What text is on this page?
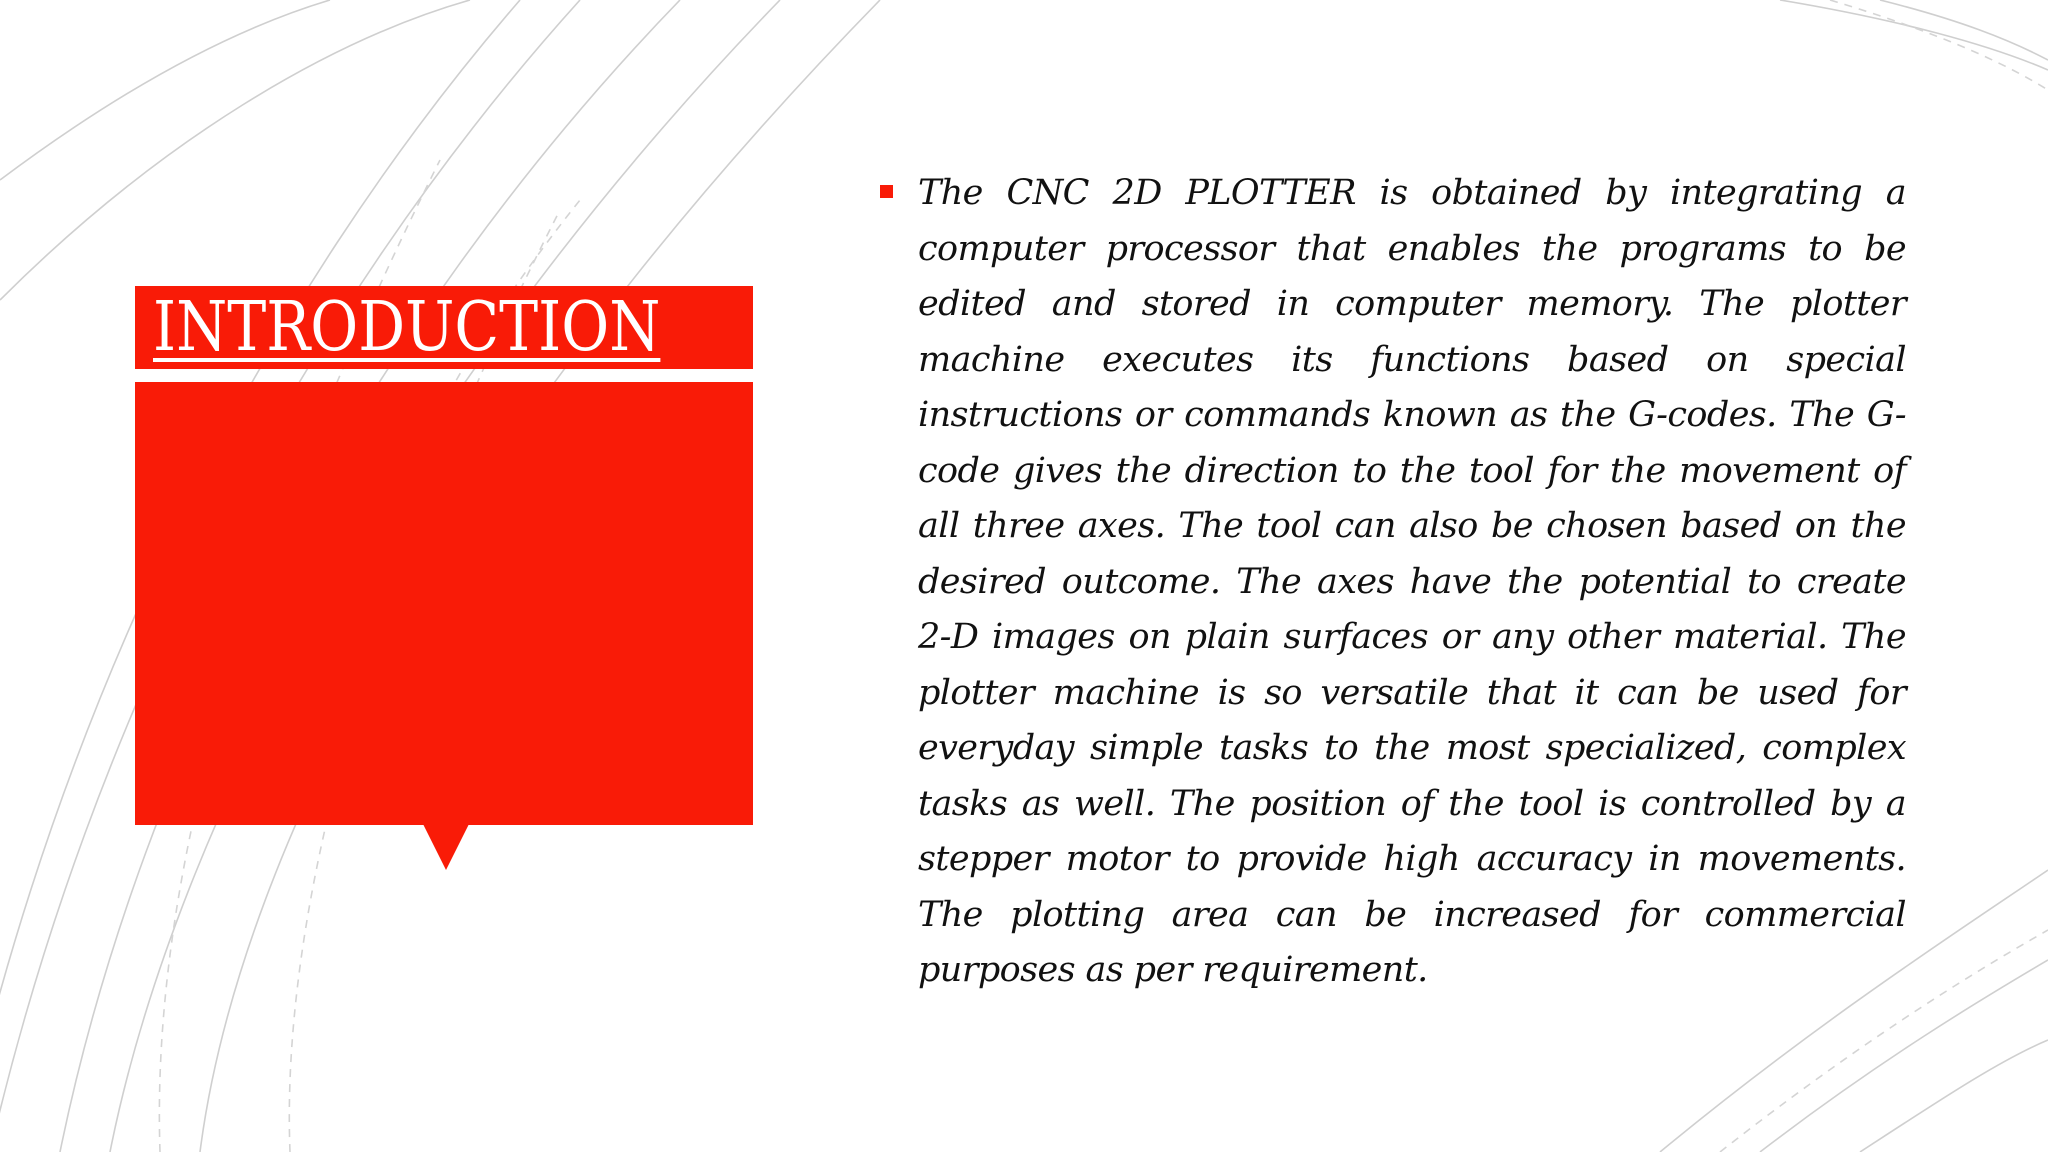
INTRODUCTION

The CNC 2D PLOTTER is obtained by integrating a computer processor that enables the programs to be edited and stored in computer memory. The plotter machine executes its functions based on special instructions or commands known as the G-codes. The G-code gives the direction to the tool for the movement of all three axes. The tool can also be chosen based on the desired outcome. The axes have the potential to create 2-D images on plain surfaces or any other material. The plotter machine is so versatile that it can be used for everyday simple tasks to the most specialized, complex tasks as well. The position of the tool is controlled by a stepper motor to provide high accuracy in movements. The plotting area can be increased for commercial purposes as per requirement.
